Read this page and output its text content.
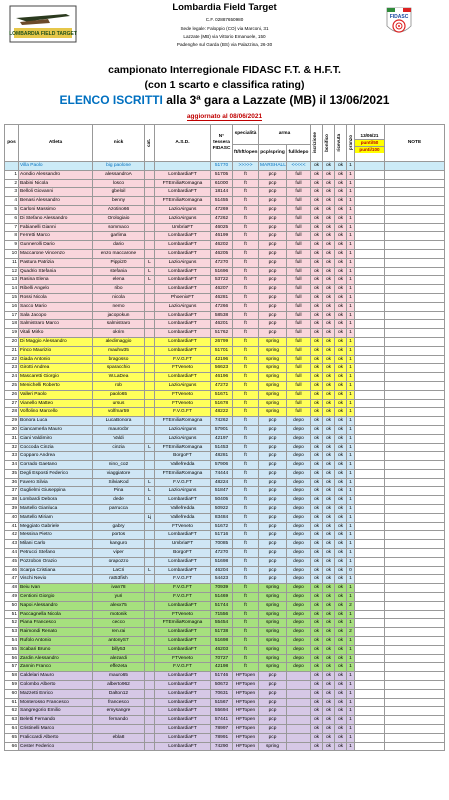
LOMBARDIA FIELD TARGET
Lombardia Field Target
C.F. 02887650980
Sede legale: Faloppio (CO) via Marconi, 31
Lazzate (MB) via Vittorio Emanuele, 150
Padenghe sul Garda (BS) via Palazzina, 26-30
FIDASC
campionato Interregionale FIDASC F.T. & H.F.T.
(con 1 scarto e classifica rating)
ELENCO ISCRITTI alla 3ª gara a Lazzate (MB) il 13/06/2021
aggiornato al 08/06/2021
pos	Atleta	nick	cat.	A.S.D.	N° tessera FIDASC	specialità	arma		iscrizione	bonifico	ricevuta	pranzo	13/06/21
punti/50
punti/100	NOTE
						ft/hft/open	pcp/spring	full/depo						
	Villa Paolo	big paolone			51770	>>>>>	MARSHALL	<<<<<	ok	ok	ok	1		
1	Aondio Alessandro	alessandroA		LombardiaFT	51705	ft	pcp	full	ok	ok	ok	1		
2	Babini Nicola	losco		FTEmiliaRomagna	61000	ft	pcp	full	ok	ok	ok	1		
3	Belloli Giovanni	gbeloil		LombardiaFT	18144	ft	pcp	full	ok	ok	ok	1		
4	Benasi Alessandro	benny		FTEmiliaRomagna	51455	ft	pcp	full	ok	ok	ok	1		
5	Carloni Massimo	Azotino66		LazioAirguns	47269	ft	pcp	full	ok	ok	ok	1		
6	Di Stefano Alessandro	Orologiaio		LazioAirguns	47262	ft	pcp	full	ok	ok	ok	1		
7	Fabianelli Gianni	sommaco		UmbriaFT	46025	ft	pcp	full	ok	ok	ok	1		
8	Ferretti Marco	garlima		LombardiaFT	46199	ft	pcp	full	ok	ok	ok	1		
9	Gunnerolli Dario	dario		LombardiaFT	46202	ft	pcp	full	ok	ok	ok	1		
10	Maccarone Vincenzo	enzo maccarone		LombardiaFT	46205	ft	pcp	full	ok	ok	ok	1		
11	Pastura Patrizia	Pippi20	L	LazioAirguns	47270	ft	pcp	full	ok	ok	ok	1		
12	Quadrio Stefania	stefania	L	LombardiaFT	51696	ft	pcp	full	ok	ok	ok	1		
13	Rasina Elena	elena	L	LombardiaFT	53722	ft	pcp	full	ok	ok	ok	1		
14	Ribelli Angelo	ribo		LombardiaFT	46207	ft	pcp	full	ok	ok	ok	1		
15	Rossi Nicola	nicola		PhoenixFT	46281	ft	pcp	full	ok	ok	ok	1		
16	Sacco Mario	nemo		LazioAirguns	47266	ft	pcp	full	ok	ok	ok	1		
17	Sala Jacopo	jacopokun		LombardiaFT	58538	ft	pcp	full	ok	ok	ok	1		
18	Salmistraro Marco	salmistraro		LombardiaFT	46201	ft	pcp	full	ok	ok	ok	1		
19	Vitali Mirko	okrim		LombardiaFT	51762	ft	pcp	full	ok	ok	ok	1		
20	Di Maggio Alessandro	aledimaggio		LombardiaFT	26799	ft	spring	full	ok	ok	ok	1		
21	Finco Maurizio	mauhw35		LombardiaFT	51701	ft	spring	full	ok	ok	ok	1		
22	Giada Antonio	bragosso		F.V.G.FT	42196	ft	spring	full	ok	ok	ok	1		
23	Girotti Andrea	sparacchio		FTVeneto	56623	ft	spring	full	ok	ok	ok	1		
24	Mascaretti Giorgio	W.LaDea		LombardiaFT	46196	ft	spring	full	ok	ok	ok	1		
25	Menichelli Roberto	rob		LazioAirguns	47272	ft	spring	full	ok	ok	ok	1		
26	Valleri Paolo	paolo65		FTVeneto	51671	ft	spring	full	ok	ok	ok	1		
27	Vianello Matteo	ursus		FTVeneto	51678	ft	spring	full	ok	ok	ok	1		
28	Volfolino Marcello	volfmar59		F.V.G.FT	48222	ft	spring	full	ok	ok	ok	1		
29	Bonora Luca	LucaBonora		FTEmiliaRomagna	74262	ft	pcp	depo	ok	ok	ok	1		
30	Ciancamerla Mauro	maurocbr		LazioAirguns	57901	ft	pcp	depo	ok	ok	ok	1		
31	Ciani Valdimiro	Valdi		LazioAirguns	42197	ft	pcp	depo	ok	ok	ok	1		
32	Coccoda Cinzia	cinzia	L	FTEmiliaRomagna	51453	ft	pcp	depo	ok	ok	ok	1		
33	Copparo Andrea			BorgoFT	48281	ft	pcp	depo	ok	ok	ok	1		
34	Corrado Gaetano	nino_co2		Vallefredda	57906	ft	pcp	depo	ok	ok	ok	1		
35	Degli Esposti Federico	viaggiatore		FTEmiliaRomagna	74444	ft	pcp	depo	ok	ok	ok	1		
36	Favero Silvia	SilviaKod	L	F.V.G.FT	48224	ft	pcp	depo	ok	ok	ok	1		
37	Guglielmi Giuseppina	Pina	L	LazioAirguns	51847	ft	pcp	depo	ok	ok	ok	1		
38	Lombardi Debora	dede	L	LombardiaFT	50405	ft	pcp	depo	ok	ok	ok	1		
39	Martello Gianluca	parrucca		Vallefredda	50922	ft	pcp	depo	ok	ok	ok	1		
40	Martello Miriam		Lj	Vallefredda	83484	ft	pcp	depo	ok	ok	ok	1		
41	Meggiato Gabriele	gabry		FTVeneto	51672	ft	pcp	depo	ok	ok	ok	1		
42	Messina Pietro	portos		LombardiaFT	51716	ft	pcp	depo	ok	ok	ok	1		
43	Milani Carlo	kanguro		UmbriaFT	70085	ft	pcp	depo	ok	ok	ok	1		
44	Petrucci Stefano	viper		BorgoFT	47270	ft	pcp	depo	ok	ok	ok	1		
45	Pozzobon Orazio	orapozzo		LombardiaFT	51698	ft	pcp	depo	ok	ok	ok	1		
46	Scarpa Cristiana	LaCri	L	LombardiaFT	46204	ft	pcp	depo	ok	ok	ok	0		
47	Vischi Nevio	rat53fish		F.V.G.FT	54423	ft	pcp	depo	ok	ok	ok	1		
48	Beiu Ivan	ivan78		F.V.G.FT	70939	ft	spring	depo	ok	ok	ok	1		
49	Centioni Giorgio	yuri		F.V.G.FT	51469	ft	spring	depo	ok	ok	ok	1		
50	Napoi Alessandro	alexx75		LombardiaFT	51744	ft	spring	depo	ok	ok	ok	2		
51	Paccagnella Nicola	motonik		FTVeneto	71556	ft	spring	depo	ok	ok	ok	1		
52	Piana Francesco	cecco		FTEmiliaRomagna	55454	ft	spring	depo	ok	ok	ok	1		
53	Raimondi Renato	ren.rai		LombardiaFT	51738	ft	spring	depo	ok	ok	ok	2		
54	Rufolo Antonio	antonyS7		LombardiaFT	51698	ft	spring	depo	ok	ok	ok	1		
55	Scabari Bruno	billy53		LombardiaFT	46203	ft	spring	depo	ok	ok	ok	1		
56	Zardin Alessandro	alezardi		FTVeneto	70727	ft	spring	depo	ok	ok	ok	1		
57	Zannin Franco	effezeta		F.V.G.FT	42198	ft	spring	depo	ok	ok	ok	1		
58	Caldelari Mauro	mauro65		LombardiaFT	51746	HFTopen	pcp		ok	ok	ok	1		
59	Colombo Alberto	alberto962		LombardiaFT	50672	HFTopen	pcp		ok	ok	ok	1		
60	Mazzetti Enrico	Dalton12		LombardiaFT	70631	HFTopen	pcp		ok	ok	ok	1		
61	Monterosso Francesco	francesco		LombardiaFT	51567	HFTopen	pcp		ok	ok	ok	1		
62	Sangregorio Emilio	emysangre		LombardiaFT	55694	HFTopen	pcp		ok	ok	ok	1		
63	Beletti Fernando	fernando		LombardiaFT	57441	HFTopen	pcp		ok	ok	ok	1		
64	Cristinelli Marco			LombardiaFT	78997	HFTopen	pcp		ok	ok	ok	1		
65	Fraliccardi Alberto	ebla8		LombardiaFT	78991	HFTopen	pcp		ok	ok	ok	1		
66	Cester Federico			LombardiaFT	74290	HFTopen	spring		ok	ok	ok	1		
